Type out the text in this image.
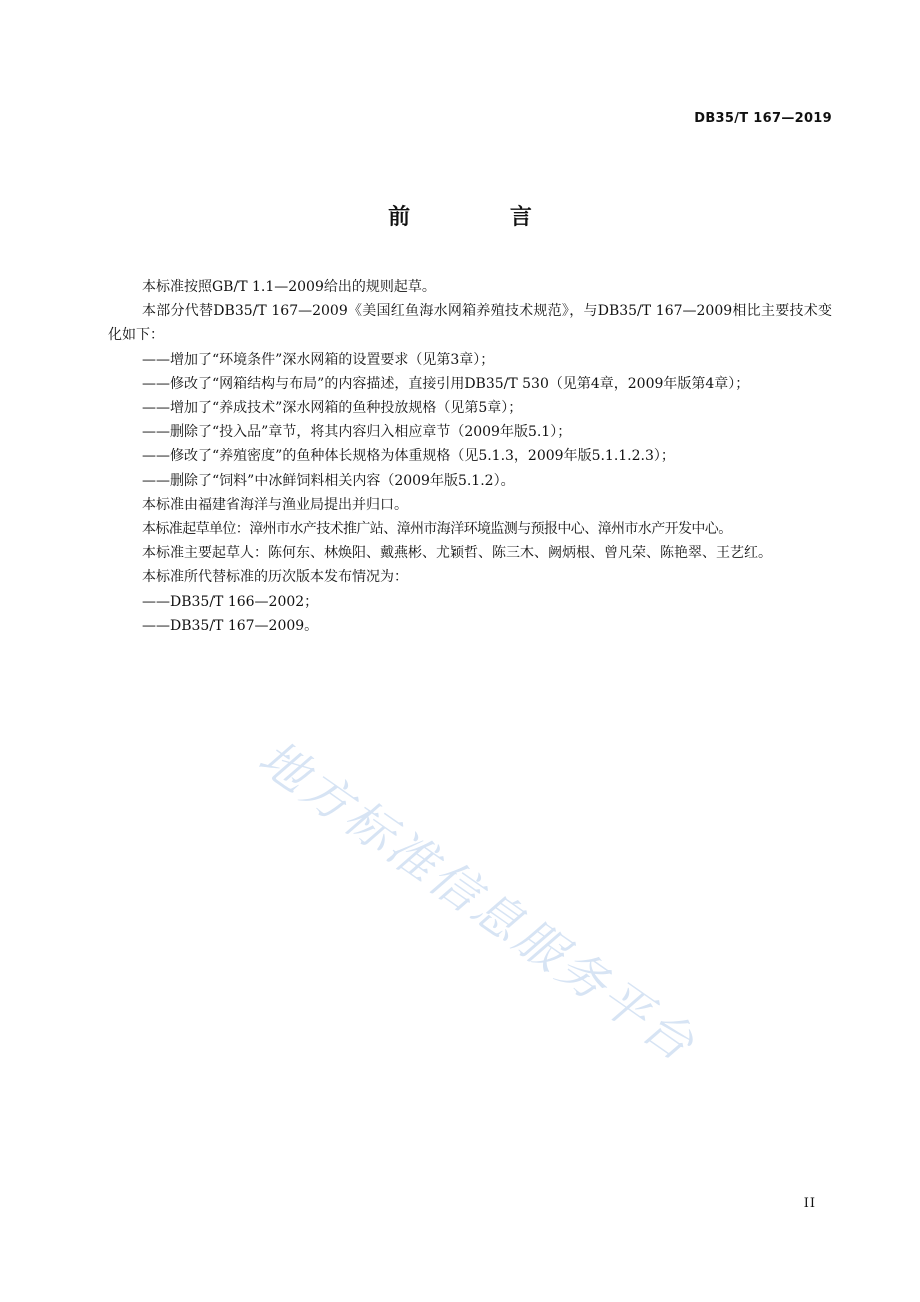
DB35/T 167—2019
前 言

本标准按照GB/T 1.1—2009给出的规则起草。

本部分代替DB35/T 167—2009《美国红鱼海水网箱养殖技术规范》，与DB35/T 167—2009相比主要技术变化如下：

——增加了“环境条件”深水网箱的设置要求（见第3章）；

——修改了“网箱结构与布局”的内容描述，直接引用DB35/T 530（见第4章，2009年版第4章）；

——增加了“养成技术”深水网箱的鱼种投放规格（见第5章）；

——删除了“投入品”章节，将其内容归入相应章节（2009年版5.1）；

——修改了“养殖密度”的鱼种体长规格为体重规格（见5.1.3，2009年版5.1.1.2.3）；

——删除了“饲料”中冰鲜饲料相关内容（2009年版5.1.2）。

本标准由福建省海洋与渔业局提出并归口。

本标准起草单位：漳州市水产技术推广站、漳州市海洋环境监测与预报中心、漳州市水产开发中心。

本标准主要起草人：陈何东、林焕阳、戴燕彬、尤颖哲、陈三木、阙炳根、曾凡荣、陈艳翠、王艺红。

本标准所代替标准的历次版本发布情况为：

——DB35/T 166—2002；

——DB35/T 167—2009。

地方标准信息服务平台
II
